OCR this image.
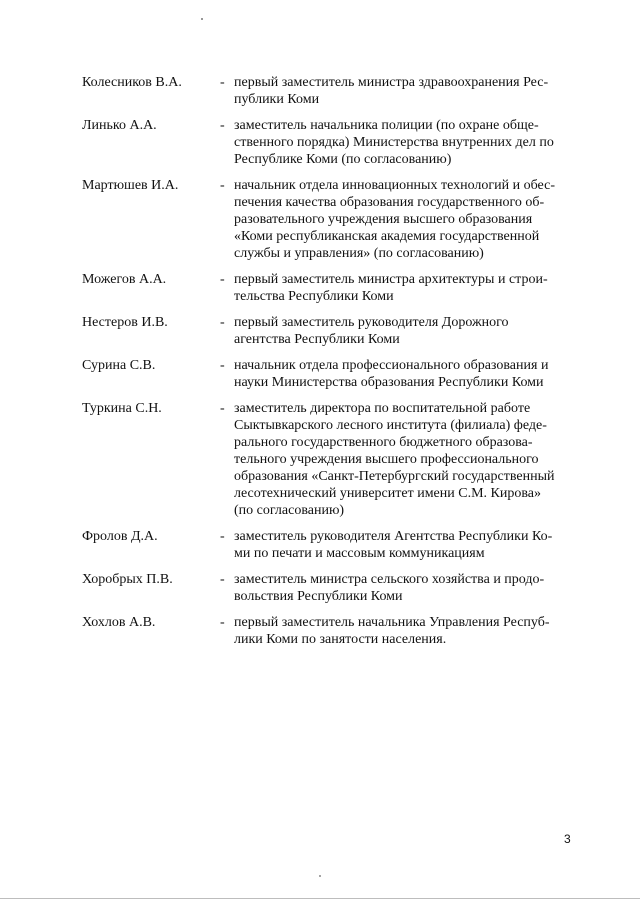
Колесников В.А.	- первый заместитель министра здравоохранения Рес-
публики Коми
Линько А.А.	- заместитель начальника полиции (по охране обще-
ственного порядка) Министерства внутренних дел по
Республике Коми (по согласованию)
Мартюшев И.А.	- начальник отдела инновационных технологий и обес-
печения качества образования государственного об-
разовательного учреждения высшего образования
«Коми республиканская академия государственной
службы и управления» (по согласованию)
Можегов А.А.	- первый заместитель министра архитектуры и строи-
тельства Республики Коми
Нестеров И.В.	- первый заместитель руководителя Дорожного
агентства Республики Коми
Сурина С.В.	- начальник отдела профессионального образования и
науки Министерства образования Республики Коми
Туркина С.Н.	- заместитель директора по воспитательной работе
Сыктывкарского лесного института (филиала) феде-
рального государственного бюджетного образова-
тельного учреждения высшего профессионального
образования «Санкт-Петербургский государственный
лесотехнический университет имени С.М. Кирова»
(по согласованию)
Фролов Д.А.	- заместитель руководителя Агентства Республики Ко-
ми по печати и массовым коммуникациям
Хоробрых П.В.	- заместитель министра сельского хозяйства и продо-
вольствия Республики Коми
Хохлов А.В.	- первый заместитель начальника Управления Респуб-
лики Коми по занятости населения.
3
